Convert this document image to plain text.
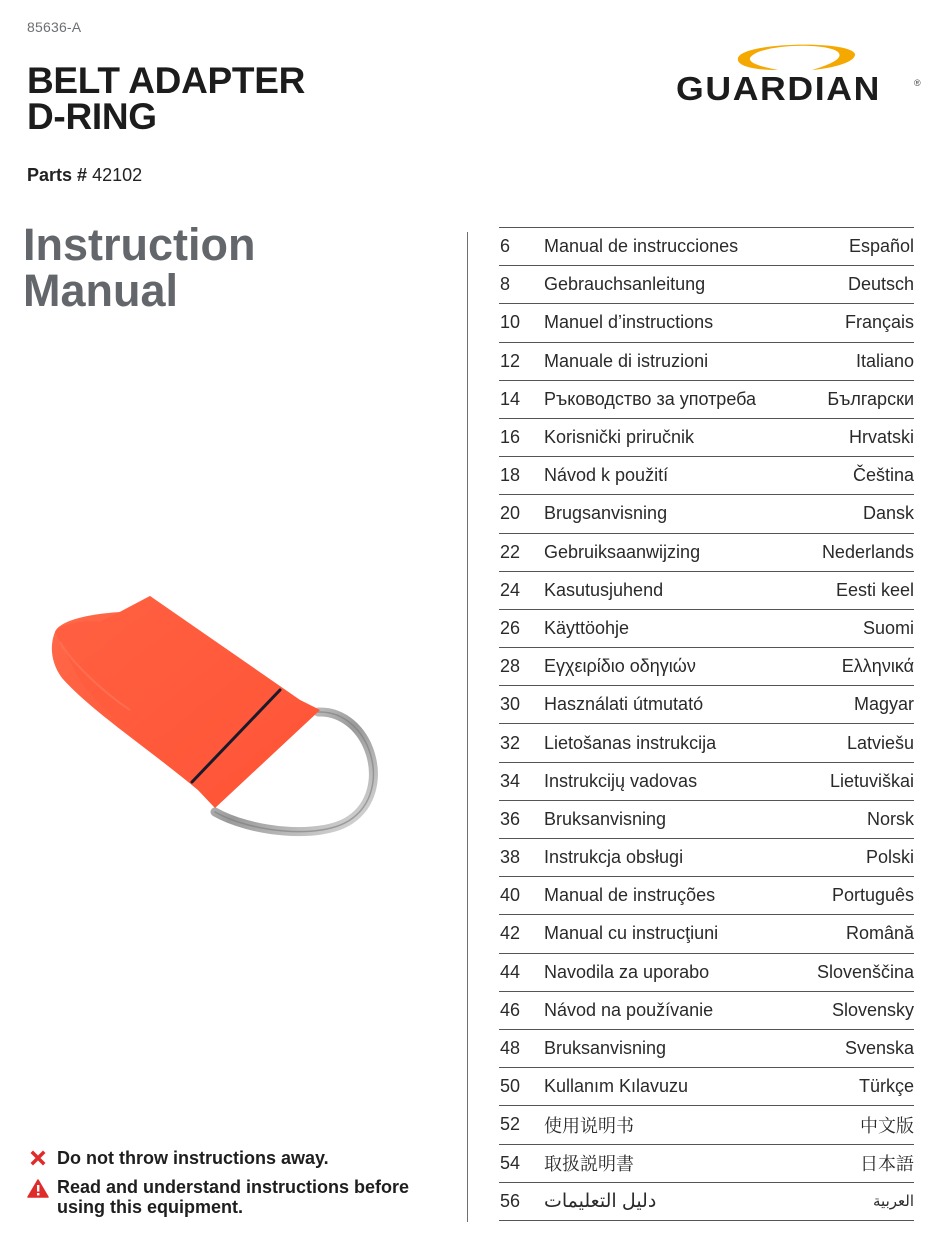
85636-A
BELT ADAPTER
D-RING
Parts # 42102
GUARDIAN	®
Instruction
Manual
Do not throw instructions away.
Read and understand instructions before using this equipment.
6	Manual de instrucciones	Español
8	Gebrauchsanleitung	Deutsch
10	Manuel d’instructions	Français
12	Manuale di istruzioni	Italiano
14	Ръководство за употреба	Български
16	Korisnički priručnik	Hrvatski
18	Návod k použití	Čeština
20	Brugsanvisning	Dansk
22	Gebruiksaanwijzing	Nederlands
24	Kasutusjuhend	Eesti keel
26	Käyttöohje	Suomi
28	Εγχειρίδιο οδηγιών	Ελληνικά
30	Használati útmutató	Magyar
32	Lietošanas instrukcija	Latviešu
34	Instrukcijų vadovas	Lietuviškai
36	Bruksanvisning	Norsk
38	Instrukcja obsługi	Polski
40	Manual de instruções	Português
42	Manual cu instrucţiuni	Română
44	Navodila za uporabo	Slovenščina
46	Návod na používanie	Slovensky
48	Bruksanvisning	Svenska
50	Kullanım Kılavuzu	Türkçe
52	使用说明书	中文版
54	取扱説明書	日本語
56	دليل التعليمات	العربية
